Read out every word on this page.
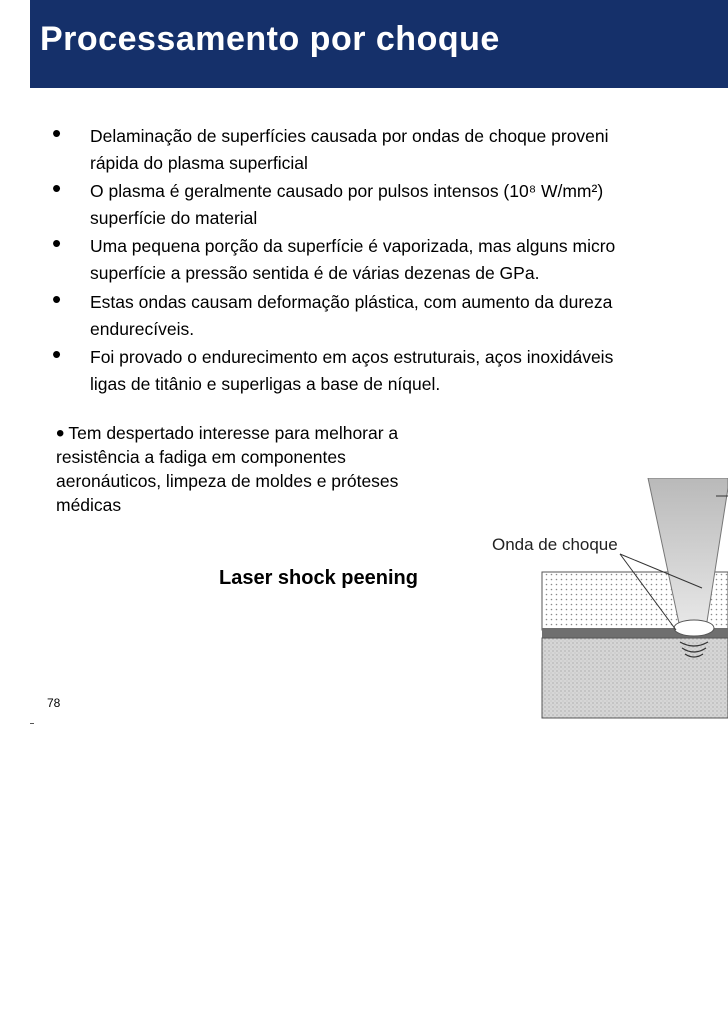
Processamento por choque
• Delaminação de superfícies causada por ondas de choque proveni
rápida do plasma superficial
• O plasma é geralmente causado por pulsos intensos (10⁸ W/mm²)
superfície do material
• Uma pequena porção da superfície é vaporizada, mas alguns micro
superfície a pressão sentida é de várias dezenas de GPa.
• Estas ondas causam deformação plástica, com aumento da dureza
endurecíveis.
• Foi provado o endurecimento em aços estruturais, aços inoxidáveis
ligas de titânio e superligas a base de níquel.
• Tem despertado interesse para melhorar a
resistência a fadiga em componentes
aeronáuticos, limpeza de moldes e próteses
médicas
Laser shock peening
Onda de choque
78
